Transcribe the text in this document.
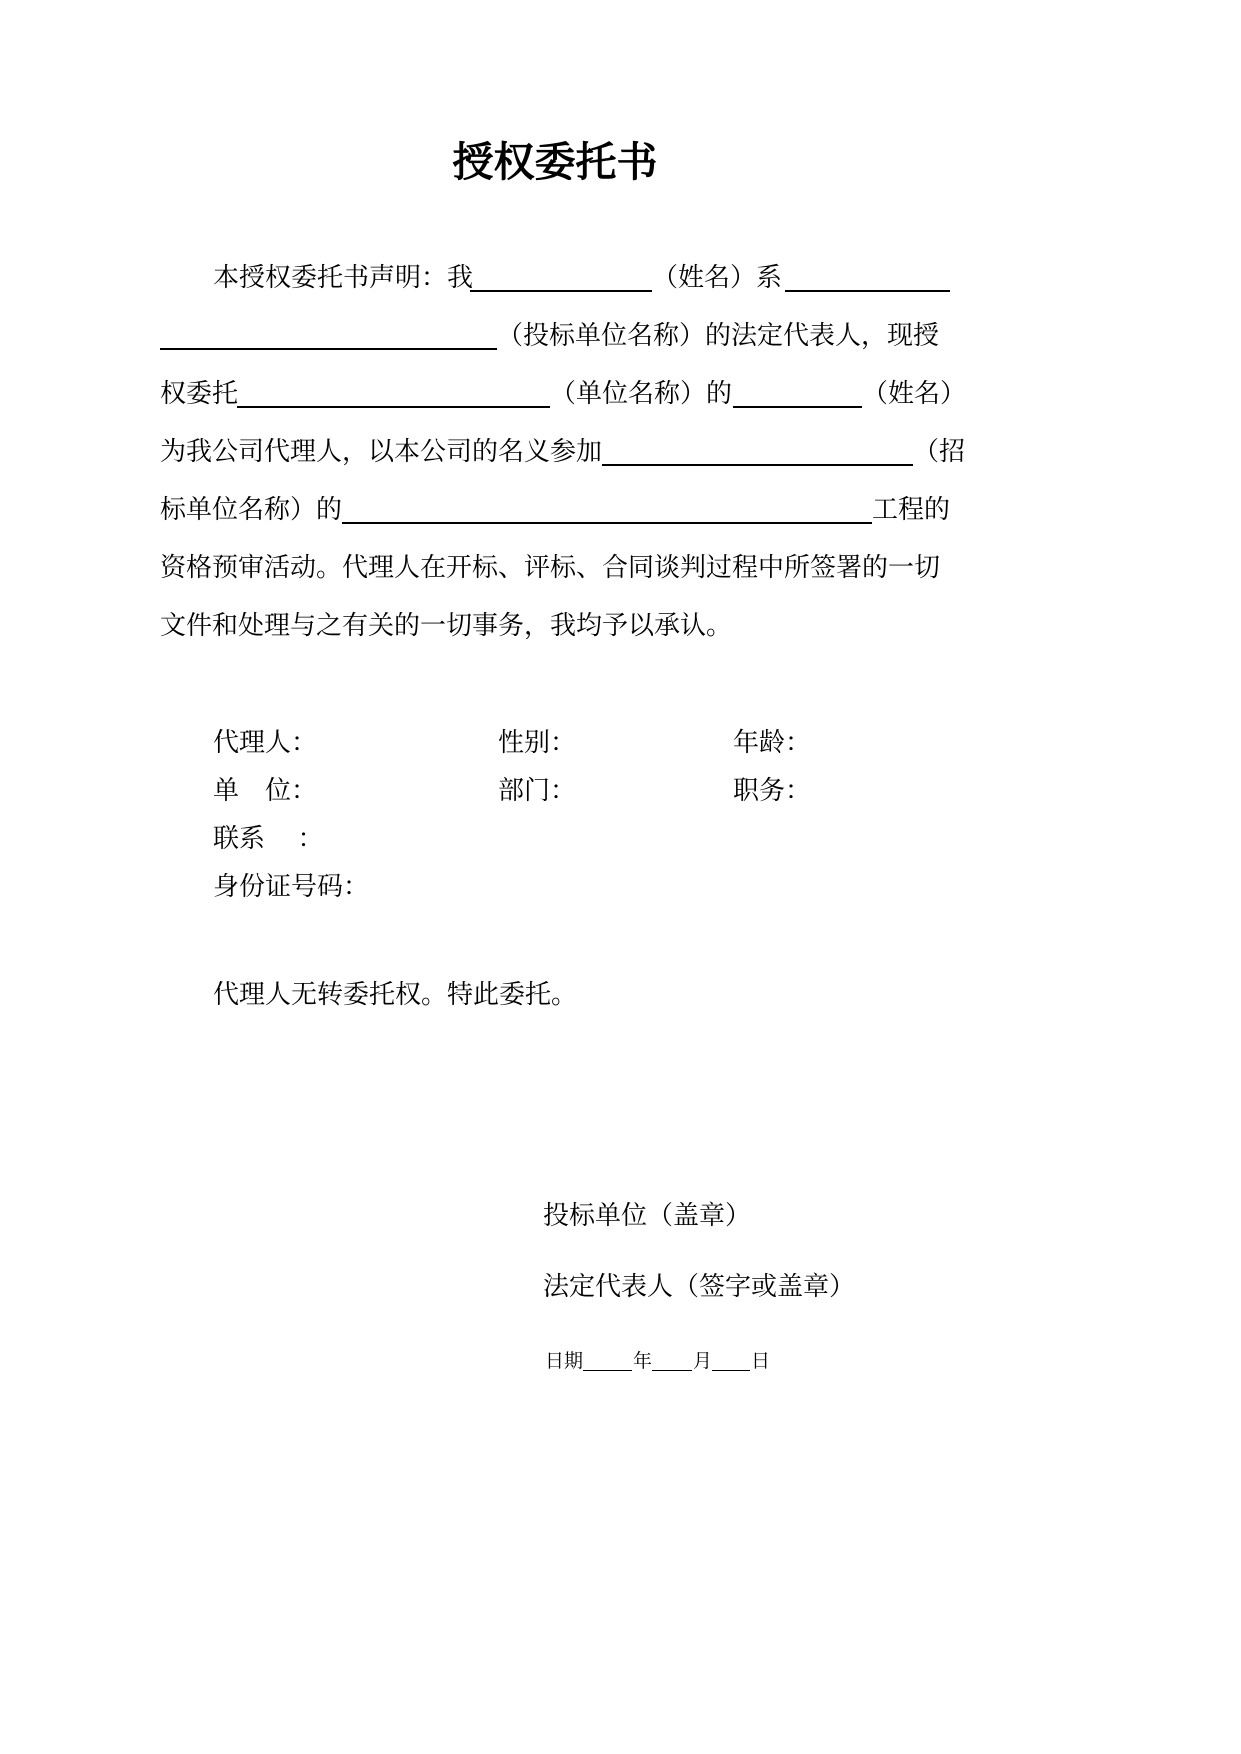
授权委托书
本授权委托书声明：我	（姓名）系
（投标单位名称）的法定代表人，现授
权委托	（单位名称）的	（姓名）
为我公司代理人，以本公司的名义参加	（招
标单位名称）的	工程的
资格预审活动。代理人在开标、评标、合同谈判过程中所签署的一切
文件和处理与之有关的一切事务，我均予以承认。
代理人：	性别：	年龄：
单　位：	部门：	职务：
联系　 ：
身份证号码：
代理人无转委托权。特此委托。
投标单位（盖章）
法定代表人（签字或盖章）
日期	年 月 日
